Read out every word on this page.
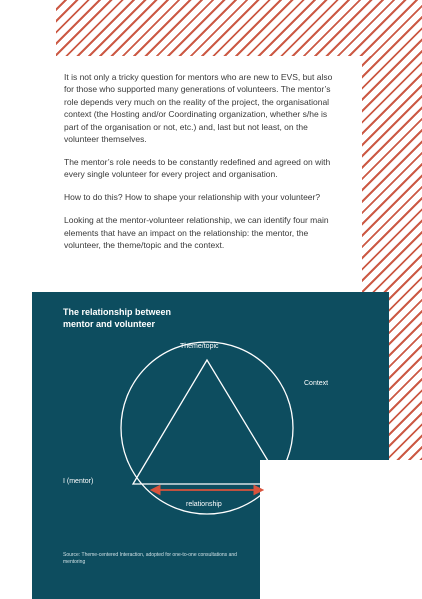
It is not only a tricky question for mentors who are new to EVS, but also for those who supported many generations of volunteers. The mentor’s role depends very much on the reality of the project, the organisational context (the Hosting and/or Coordinating organization, whether s/he is part of the organisation or not, etc.) and, last but not least, on the volunteer themselves.

The mentor’s role needs to be constantly redefined and agreed on with every single volunteer for every project and organisation.

How to do this? How to shape your relationship with your volunteer?

Looking at the mentor-volunteer relationship, we can identify four main elements that have an impact on the relationship: the mentor, the volunteer, the theme/topic and the context.

The relationship between
mentor and volunteer
Theme/topic
Context
I (mentor)	Volunteer
relationship
Source: Theme-centered Interaction, adopted for one-to-one consultations and mentoring
